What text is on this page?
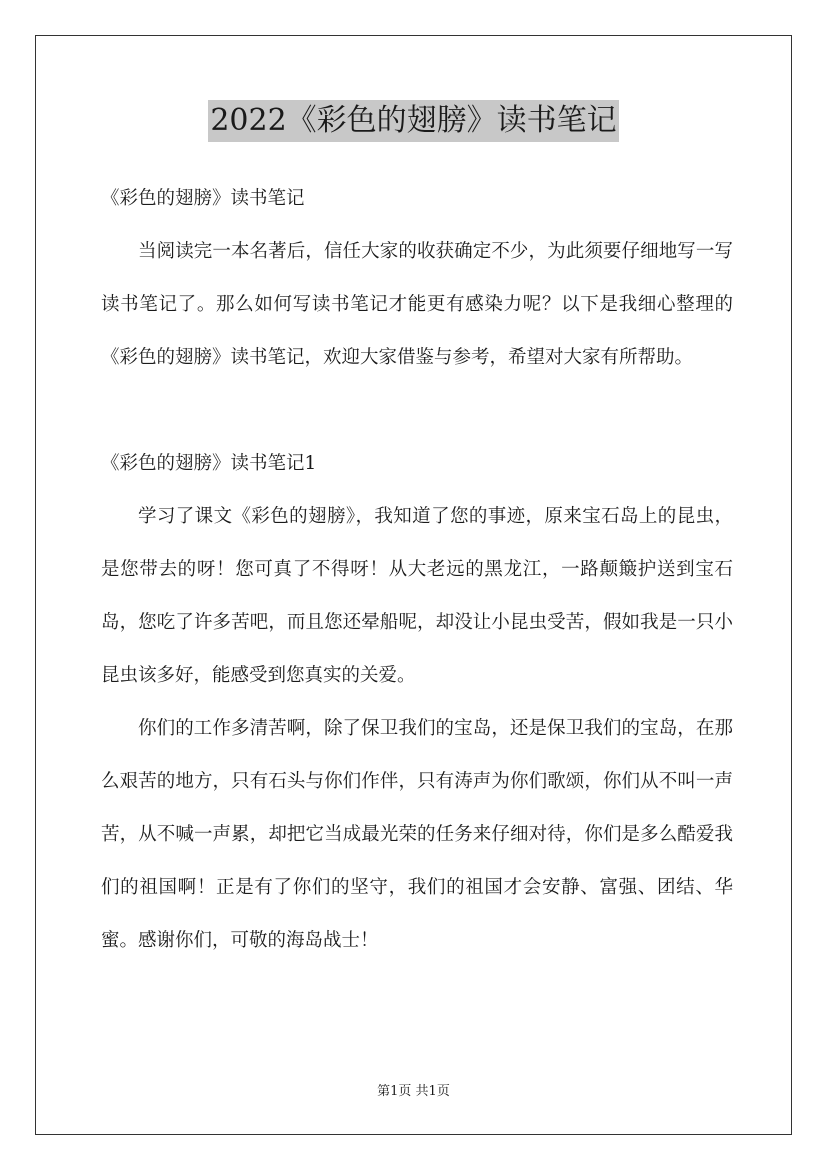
2022《彩色的翅膀》读书笔记

《彩色的翅膀》读书笔记

当阅读完一本名著后，信任大家的收获确定不少，为此须要仔细地写一写读书笔记了。那么如何写读书笔记才能更有感染力呢？以下是我细心整理的《彩色的翅膀》读书笔记，欢迎大家借鉴与参考，希望对大家有所帮助。

《彩色的翅膀》读书笔记1

学习了课文《彩色的翅膀》，我知道了您的事迹，原来宝石岛上的昆虫，是您带去的呀！您可真了不得呀！从大老远的黑龙江，一路颠簸护送到宝石岛，您吃了许多苦吧，而且您还晕船呢，却没让小昆虫受苦，假如我是一只小昆虫该多好，能感受到您真实的关爱。

你们的工作多清苦啊，除了保卫我们的宝岛，还是保卫我们的宝岛，在那么艰苦的地方，只有石头与你们作伴，只有涛声为你们歌颂，你们从不叫一声苦，从不喊一声累，却把它当成最光荣的任务来仔细对待，你们是多么酷爱我们的祖国啊！正是有了你们的坚守，我们的祖国才会安静、富强、团结、华蜜。感谢你们，可敬的海岛战士！

第1页 共1页
